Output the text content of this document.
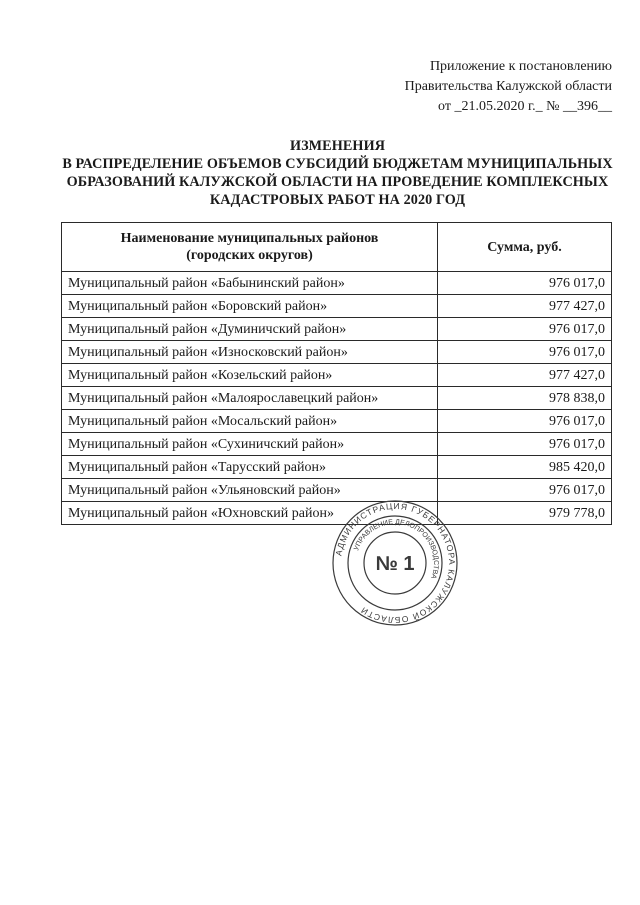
Приложение к постановлению
Правительства Калужской области
от _21.05.2020 г._ № __396__
ИЗМЕНЕНИЯ
В РАСПРЕДЕЛЕНИЕ ОБЪЕМОВ СУБСИДИЙ БЮДЖЕТАМ МУНИЦИПАЛЬНЫХ
ОБРАЗОВАНИЙ КАЛУЖСКОЙ ОБЛАСТИ НА ПРОВЕДЕНИЕ КОМПЛЕКСНЫХ
КАДАСТРОВЫХ РАБОТ НА 2020 ГОД
Наименование муниципальных районов
(городских округов)	Сумма, руб.
Муниципальный район «Бабынинский район»	976 017,0
Муниципальный район «Боровский район»	977 427,0
Муниципальный район «Думиничский район»	976 017,0
Муниципальный район «Износковский район»	976 017,0
Муниципальный район «Козельский район»	977 427,0
Муниципальный район «Малоярославецкий район»	978 838,0
Муниципальный район «Мосальский район»	976 017,0
Муниципальный район «Сухиничский район»	976 017,0
Муниципальный район «Тарусский район»	985 420,0
Муниципальный район «Ульяновский район»	976 017,0
Муниципальный район «Юхновский район»	979 778,0
АДМИНИСТРАЦИЯ ГУБЕРНАТОРА КАЛУЖСКОЙ ОБЛАСТИ
УПРАВЛЕНИЕ ДЕЛОПРОИЗВОДСТВА
№ 1
